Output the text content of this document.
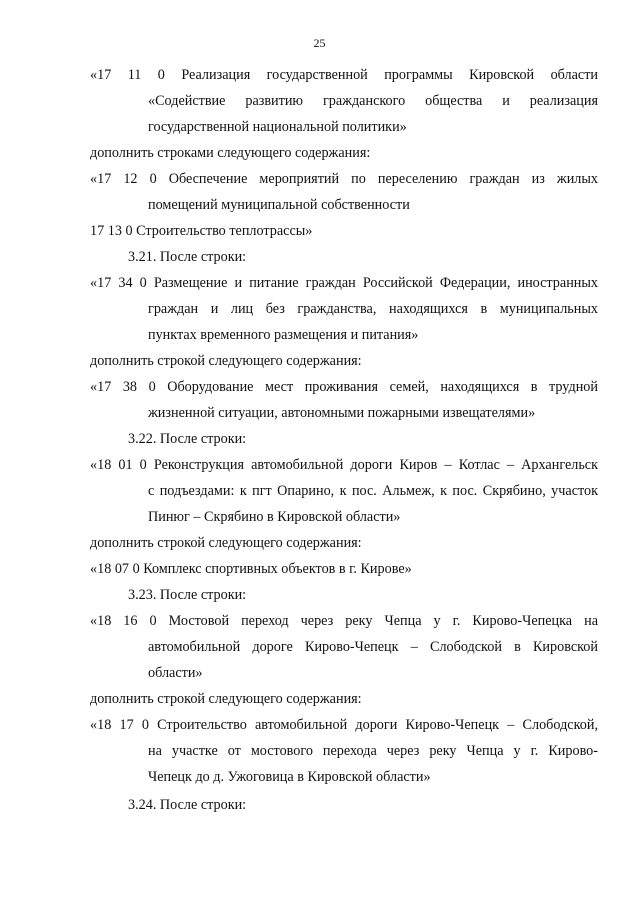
25
«17 11 0 Реализация государственной программы Кировской области
«Содействие развитию гражданского общества и реализация
государственной национальной политики»
дополнить строками следующего содержания:
«17 12 0 Обеспечение мероприятий по переселению граждан из жилых
помещений муниципальной собственности
17 13 0 Строительство теплотрассы»
3.21. После строки:
«17 34 0 Размещение и питание граждан Российской Федерации, иностранных
граждан и лиц без гражданства, находящихся в муниципальных
пунктах временного размещения и питания»
дополнить строкой следующего содержания:
«17 38 0 Оборудование мест проживания семей, находящихся в трудной
жизненной ситуации, автономными пожарными извещателями»
3.22. После строки:
«18 01 0 Реконструкция автомобильной дороги Киров – Котлас – Архангельск
с подъездами: к пгт Опарино, к пос. Альмеж, к пос. Скрябино, участок
Пинюг – Скрябино в Кировской области»
дополнить строкой следующего содержания:
«18 07 0 Комплекс спортивных объектов в г. Кирове»
3.23. После строки:
«18 16 0 Мостовой переход через реку Чепца у г. Кирово-Чепецка на
автомобильной дороге Кирово-Чепецк – Слободской в Кировской
области»
дополнить строкой следующего содержания:
«18 17 0 Строительство автомобильной дороги Кирово-Чепецк – Слободской,
на участке от мостового перехода через реку Чепца у г. Кирово-
Чепецк до д. Ужоговица в Кировской области»
3.24. После строки:
